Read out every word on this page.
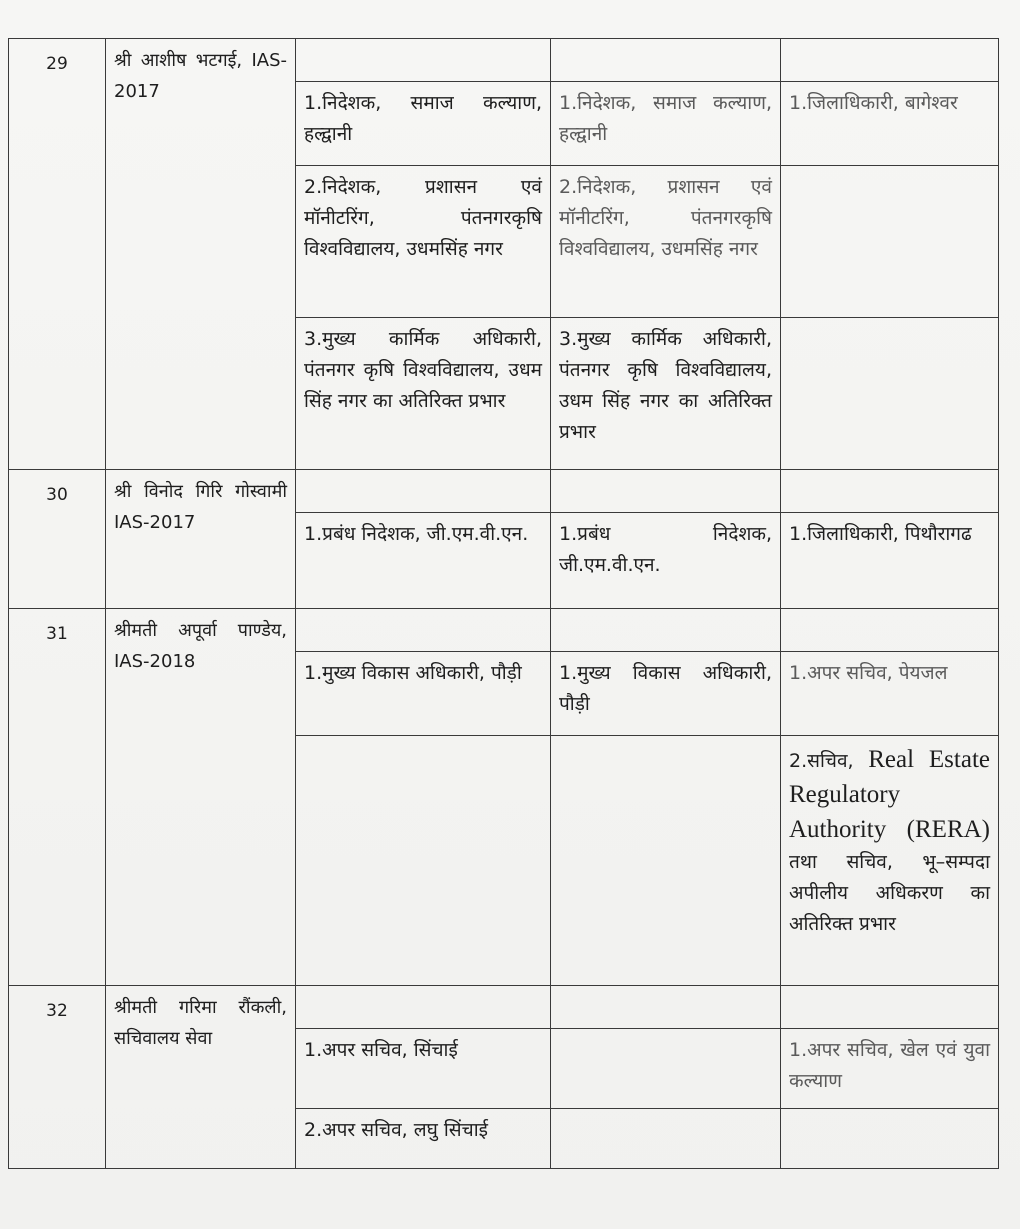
29	श्री आशीष भटगई, IAS-2017			
		1.निदेशक, समाज कल्याण, हल्द्वानी	1.निदेशक, समाज कल्याण, हल्द्वानी	1.जिलाधिकारी, बागेश्वर
		2.निदेशक, प्रशासन एवं मॉनीटरिंग, पंतनगरकृषि विश्वविद्यालय, उधमसिंह नगर	2.निदेशक, प्रशासन एवं मॉनीटरिंग, पंतनगरकृषि विश्वविद्यालय, उधमसिंह नगर	
		3.मुख्य कार्मिक अधिकारी, पंतनगर कृषि विश्वविद्यालय, उधम सिंह नगर का अतिरिक्त प्रभार	3.मुख्य कार्मिक अधिकारी, पंतनगर कृषि विश्वविद्यालय, उधम सिंह नगर का अतिरिक्त प्रभार	
30	श्री विनोद गिरि गोस्वामी IAS-2017			
		1.प्रबंध निदेशक, जी.एम.वी.एन.	1.प्रबंध निदेशक, जी.एम.वी.एन.	1.जिलाधिकारी, पिथौरागढ
31	श्रीमती अपूर्वा पाण्डेय, IAS-2018			
		1.मुख्य विकास अधिकारी, पौड़ी	1.मुख्य विकास अधिकारी, पौड़ी	1.अपर सचिव, पेयजल
				2.सचिव, Real Estate Regulatory Authority (RERA) तथा सचिव, भू–सम्पदा अपीलीय अधिकरण का अतिरिक्त प्रभार
32	श्रीमती गरिमा रौंकली, सचिवालय सेवा			
		1.अपर सचिव, सिंचाई		1.अपर सचिव, खेल एवं युवा कल्याण
		2.अपर सचिव, लघु सिंचाई		
